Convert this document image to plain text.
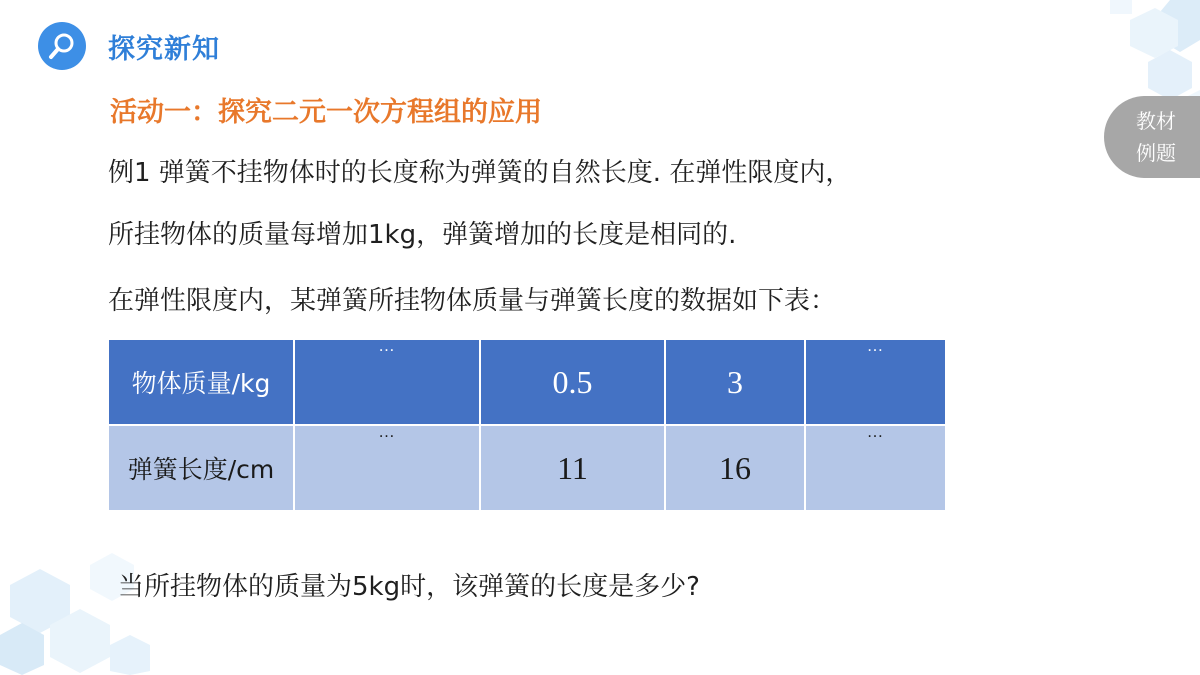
探究新知
教材
例题
活动一：探究二元一次方程组的应用
例1 弹簧不挂物体时的长度称为弹簧的自然长度. 在弹性限度内，
所挂物体的质量每增加1kg，弹簧增加的长度是相同的.
在弹性限度内，某弹簧所挂物体质量与弹簧长度的数据如下表：
物体质量/kg	…	0.5	3	…

弹簧长度/cm	…	11	16	…
当所挂物体的质量为5kg时，该弹簧的长度是多少?
